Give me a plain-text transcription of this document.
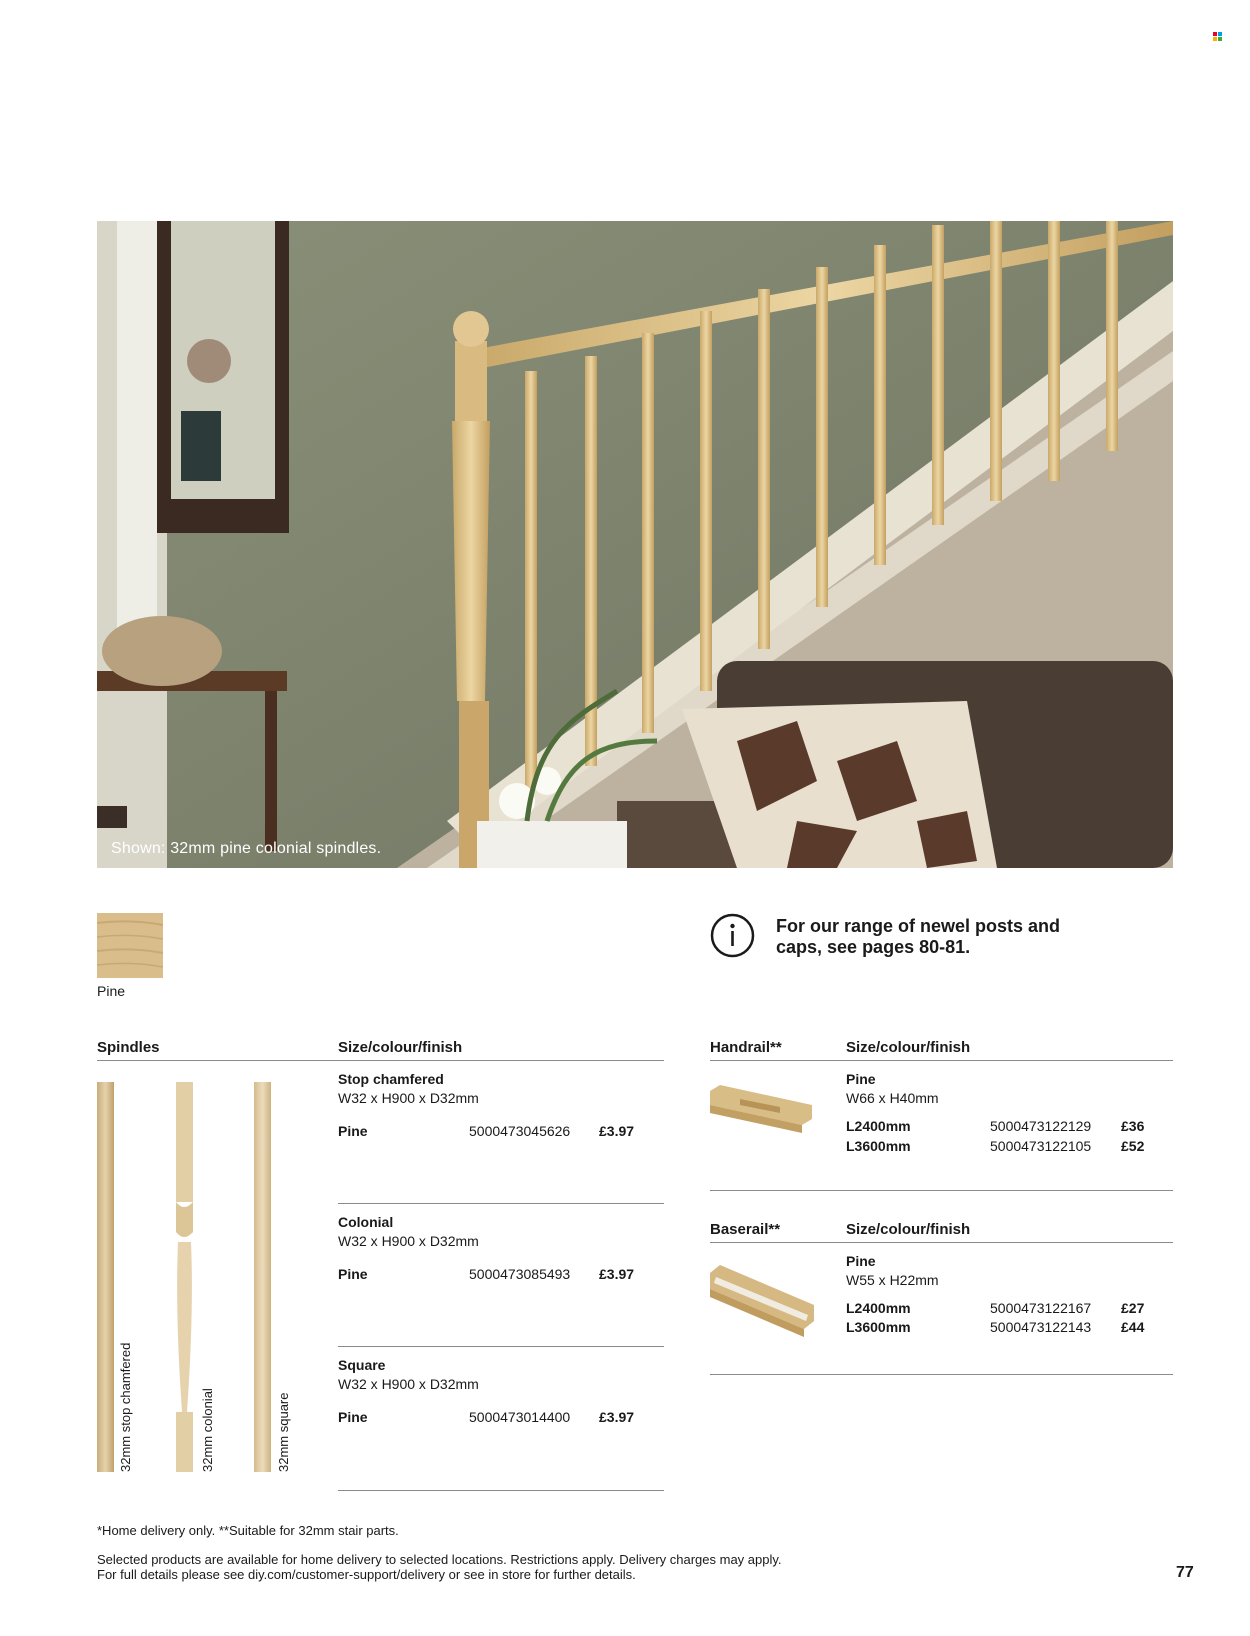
Shown: 32mm pine colonial spindles.
Pine
For our range of newel posts and caps, see pages 80-81.
Spindles	Size/colour/finish
32mm stop chamfered	32mm colonial	32mm square
Stop chamfered
W32 x H900 x D32mm
Pine	5000473045626 £3.97
Colonial
W32 x H900 x D32mm
Pine	5000473085493 £3.97
Square
W32 x H900 x D32mm
Pine	5000473014400 £3.97
Handrail**	Size/colour/finish
Pine
W66 x H40mm
L2400mm	5000473122129 £36
L3600mm	5000473122105 £52
Baserail**	Size/colour/finish
Pine
W55 x H22mm
L2400mm	5000473122167 £27
L3600mm	5000473122143 £44
*Home delivery only. **Suitable for 32mm stair parts.
Selected products are available for home delivery to selected locations. Restrictions apply. Delivery charges may apply.
For full details please see diy.com/customer-support/delivery or see in store for further details.	77
